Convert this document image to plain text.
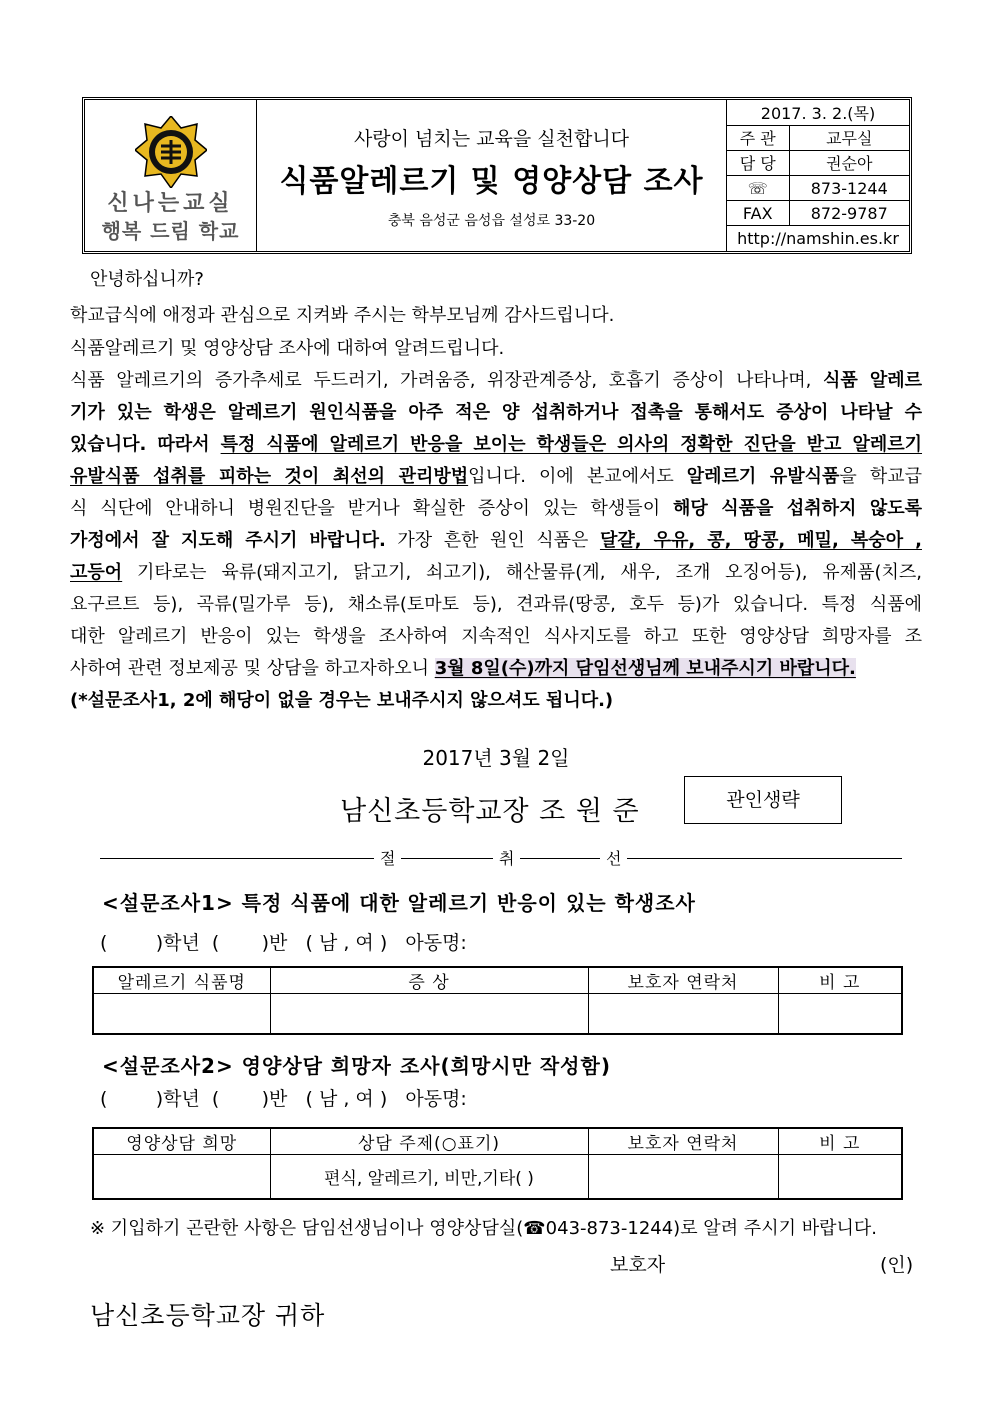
신나는교실
행복 드림 학교
사랑이 넘치는 교육을 실천합니다
식품알레르기 및 영양상담 조사
충북 음성군 음성읍 설성로 33-20
2017. 3. 2.(목)	
주 관	교무실
담 당	권순아
☏	873-1244
FAX	872-9787
http://namshin.es.kr	
안녕하십니까?
학교급식에 애정과 관심으로 지켜봐 주시는 학부모님께 감사드립니다.
식품알레르기 및 영양상담 조사에 대하여 알려드립니다.
식품 알레르기의 증가추세로 두드러기, 가려움증, 위장관계증상, 호흡기 증상이 나타나며, 식품 알레르
기가 있는 학생은 알레르기 원인식품을 아주 적은 양 섭취하거나 접촉을 통해서도 증상이 나타날 수
있습니다. 따라서 특정 식품에 알레르기 반응을 보이는 학생들은 의사의 정확한 진단을 받고 알레르기
유발식품 섭취를 피하는 것이 최선의 관리방법입니다. 이에 본교에서도 알레르기 유발식품을 학교급
식 식단에 안내하니 병원진단을 받거나 확실한 증상이 있는 학생들이 해당 식품을 섭취하지 않도록
가정에서 잘 지도해 주시기 바랍니다. 가장 흔한 원인 식품은 달걀, 우유, 콩, 땅콩, 메밀, 복숭아 ,
고등어 기타로는 육류(돼지고기, 닭고기, 쇠고기), 해산물류(게, 새우, 조개 오징어등), 유제품(치즈,
요구르트 등), 곡류(밀가루 등), 채소류(토마토 등), 견과류(땅콩, 호두 등)가 있습니다. 특정 식품에
대한 알레르기 반응이 있는 학생을 조사하여 지속적인 식사지도를 하고 또한 영양상담 희망자를 조
사하여 관련 정보제공 및 상담을 하고자하오니 3월 8일(수)까지 담임선생님께 보내주시기 바랍니다.
(*설문조사1, 2에 해당이 없을 경우는 보내주시지 않으셔도 됩니다.)
2017년 3월 2일
남신초등학교장 조 원 준	관인생략
절	취	선
<설문조사1> 특정 식품에 대한 알레르기 반응이 있는 학생조사
(        )학년  (       )반   ( 남 , 여 )   아동명:
알레르기 식품명	증 상	보호자 연락처	비 고

<설문조사2> 영양상담 희망자 조사(희망시만 작성함)
(        )학년  (       )반   ( 남 , 여 )   아동명:
영양상담 희망	상담 주제(○표기)	보호자 연락처	비 고
	편식, 알레르기, 비만,기타( )		
※ 기입하기 곤란한 사항은 담임선생님이나 영양상담실(☎043-873-1244)로 알려 주시기 바랍니다.
보호자	(인)
남신초등학교장 귀하
